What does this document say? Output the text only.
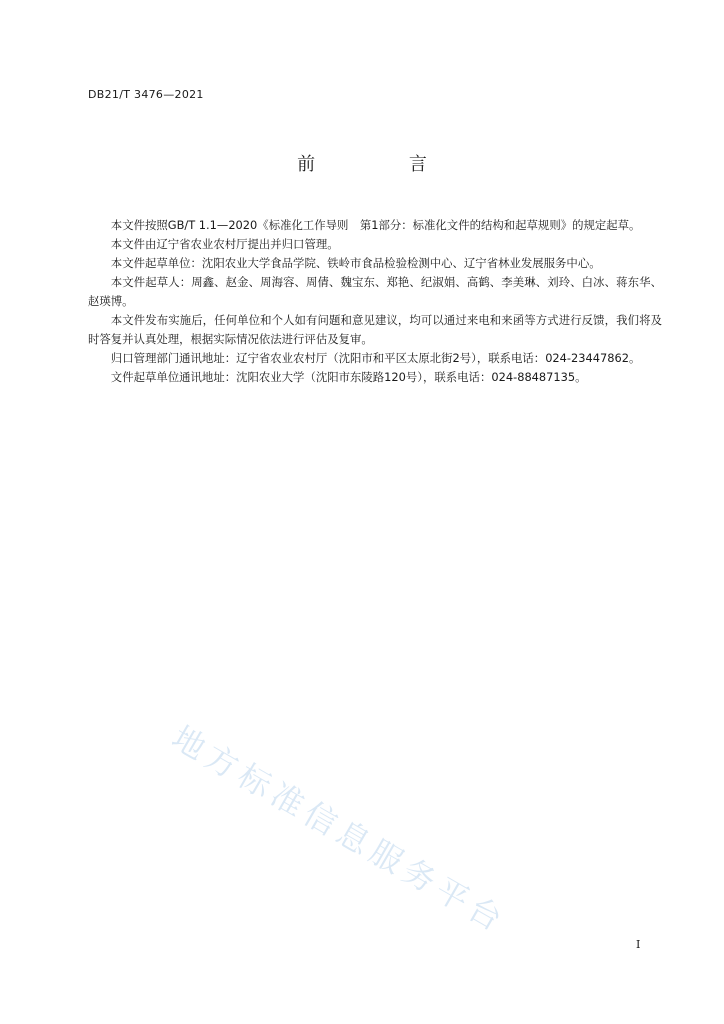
DB21/T 3476—2021
前 言

本文件按照GB/T 1.1—2020《标准化工作导则　第1部分：标准化文件的结构和起草规则》的规定起草。

本文件由辽宁省农业农村厅提出并归口管理。

本文件起草单位：沈阳农业大学食品学院、铁岭市食品检验检测中心、辽宁省林业发展服务中心。

本文件起草人：周鑫、赵金、周海容、周倩、魏宝东、郑艳、纪淑娟、高鹤、李美琳、刘玲、白冰、蒋东华、赵瑛博。

本文件发布实施后，任何单位和个人如有问题和意见建议，均可以通过来电和来函等方式进行反馈，我们将及时答复并认真处理，根据实际情况依法进行评估及复审。

归口管理部门通讯地址：辽宁省农业农村厅（沈阳市和平区太原北街2号），联系电话：024-23447862。

文件起草单位通讯地址：沈阳农业大学（沈阳市东陵路120号），联系电话：024-88487135。

地方标准信息服务平台
I
